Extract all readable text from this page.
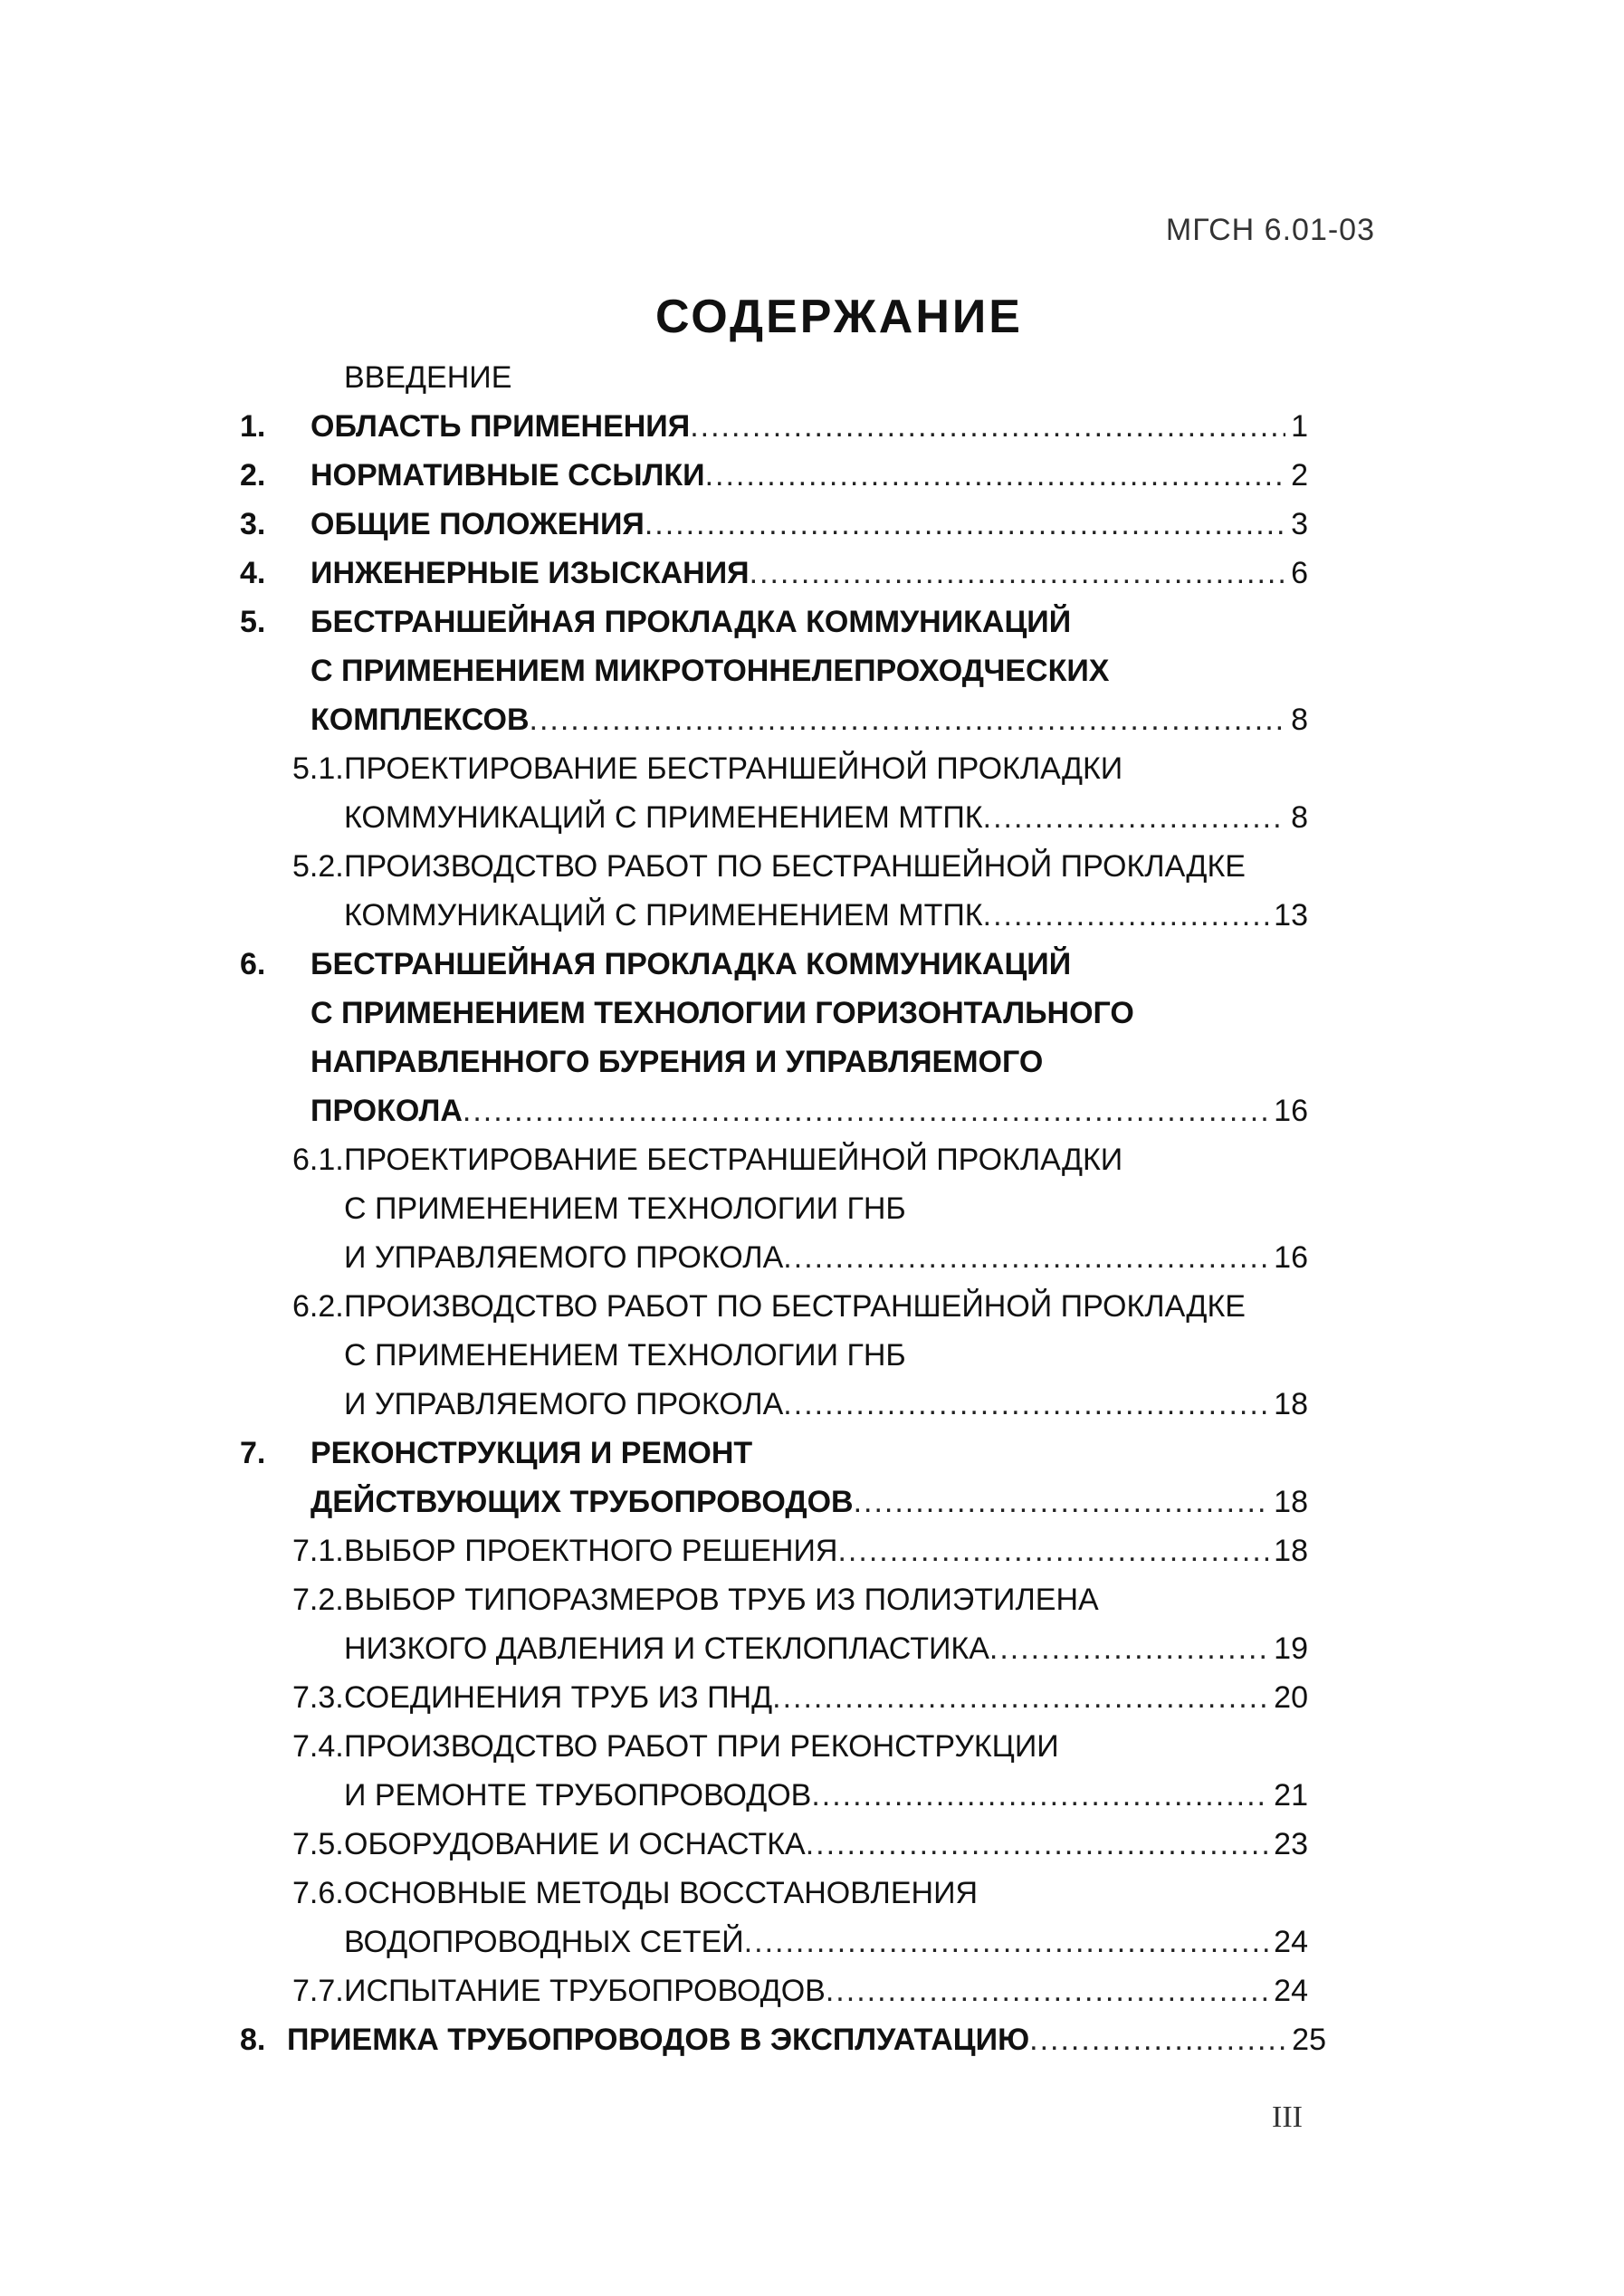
МГСН 6.01-03
СОДЕРЖАНИЕ
ВВЕДЕНИЕ
1. ОБЛАСТЬ ПРИМЕНЕНИЯ .....	1
2. НОРМАТИВНЫЕ ССЫЛКИ .....	2
3. ОБЩИЕ ПОЛОЖЕНИЯ .....	3
4. ИНЖЕНЕРНЫЕ ИЗЫСКАНИЯ .....	6
5. БЕСТРАНШЕЙНАЯ ПРОКЛАДКА КОММУНИКАЦИЙ
С ПРИМЕНЕНИЕМ МИКРОТОННЕЛЕПРОХОДЧЕСКИХ
КОМПЛЕКСОВ .....	8
5.1. ПРОЕКТИРОВАНИЕ БЕСТРАНШЕЙНОЙ ПРОКЛАДКИ
КОММУНИКАЦИЙ С ПРИМЕНЕНИЕМ МТПК .....	8
5.2. ПРОИЗВОДСТВО РАБОТ ПО БЕСТРАНШЕЙНОЙ ПРОКЛАДКЕ
КОММУНИКАЦИЙ С ПРИМЕНЕНИЕМ МТПК .....	13
6. БЕСТРАНШЕЙНАЯ ПРОКЛАДКА КОММУНИКАЦИЙ
С ПРИМЕНЕНИЕМ ТЕХНОЛОГИИ ГОРИЗОНТАЛЬНОГО
НАПРАВЛЕННОГО БУРЕНИЯ И УПРАВЛЯЕМОГО
ПРОКОЛА .....	16
6.1. ПРОЕКТИРОВАНИЕ БЕСТРАНШЕЙНОЙ ПРОКЛАДКИ
С ПРИМЕНЕНИЕМ ТЕХНОЛОГИИ ГНБ
И УПРАВЛЯЕМОГО ПРОКОЛА .....	16
6.2. ПРОИЗВОДСТВО РАБОТ ПО БЕСТРАНШЕЙНОЙ ПРОКЛАДКЕ
С ПРИМЕНЕНИЕМ ТЕХНОЛОГИИ ГНБ
И УПРАВЛЯЕМОГО ПРОКОЛА .....	18
7. РЕКОНСТРУКЦИЯ И РЕМОНТ
ДЕЙСТВУЮЩИХ ТРУБОПРОВОДОВ .....	18
7.1. ВЫБОР ПРОЕКТНОГО РЕШЕНИЯ .....	18
7.2. ВЫБОР ТИПОРАЗМЕРОВ ТРУБ ИЗ ПОЛИЭТИЛЕНА
НИЗКОГО ДАВЛЕНИЯ И СТЕКЛОПЛАСТИКА .....	19
7.3. СОЕДИНЕНИЯ ТРУБ ИЗ ПНД .....	20
7.4. ПРОИЗВОДСТВО РАБОТ ПРИ РЕКОНСТРУКЦИИ
И РЕМОНТЕ ТРУБОПРОВОДОВ .....	21
7.5. ОБОРУДОВАНИЕ И ОСНАСТКА .....	23
7.6. ОСНОВНЫЕ МЕТОДЫ ВОССТАНОВЛЕНИЯ
ВОДОПРОВОДНЫХ СЕТЕЙ .....	24
7.7. ИСПЫТАНИЕ ТРУБОПРОВОДОВ .....	24
8. ПРИЕМКА ТРУБОПРОВОДОВ В ЭКСПЛУАТАЦИЮ .....	25
III
